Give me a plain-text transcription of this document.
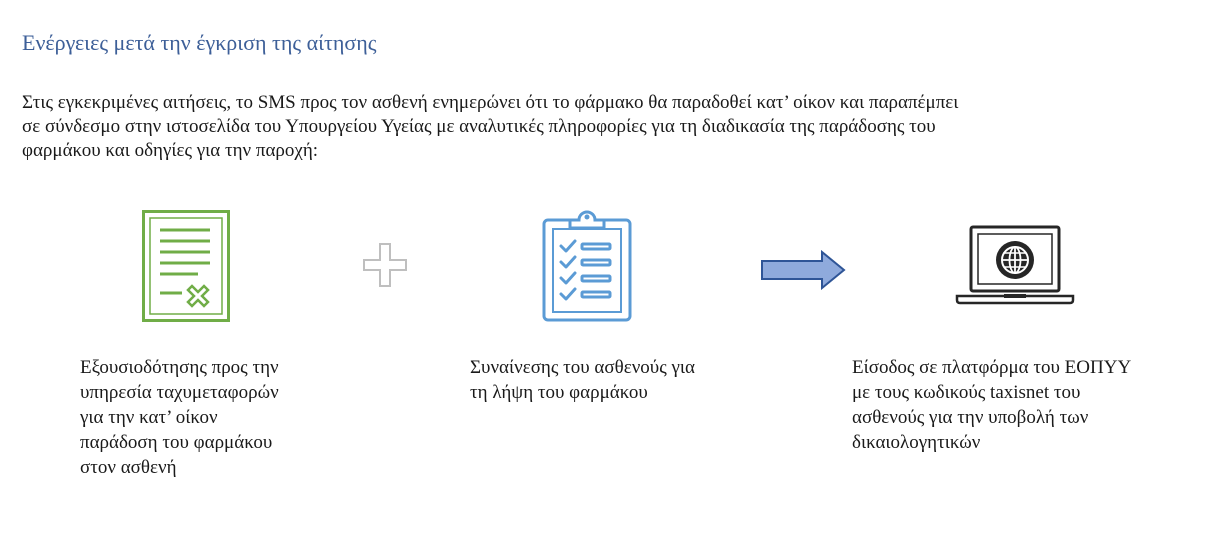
Ενέργειες μετά την έγκριση της αίτησης
Στις εγκεκριμένες αιτήσεις, το SMS προς τον ασθενή ενημερώνει ότι το φάρμακο θα παραδοθεί κατ’ οίκον και παραπέμπει
σε σύνδεσμο στην ιστοσελίδα του Υπουργείου Υγείας με αναλυτικές πληροφορίες για τη διαδικασία της παράδοσης του
φαρμάκου και οδηγίες για την παροχή:
Εξουσιοδότησης προς την
υπηρεσία ταχυμεταφορών
για την κατ’ οίκον
παράδοση του φαρμάκου
στον ασθενή
Συναίνεσης του ασθενούς για
τη λήψη του φαρμάκου
Είσοδος σε πλατφόρμα του ΕΟΠΥΥ
με τους κωδικούς taxisnet του
ασθενούς για την υποβολή των
δικαιολογητικών
